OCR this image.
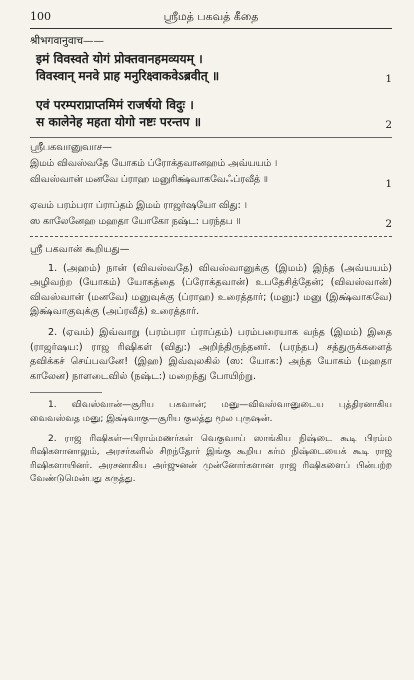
100	ஸ்ரீமத் பகவத் கீதை
श्रीभगवानुवाच——
इमं विवस्वते योगं प्रोक्तवानहमव्ययम् ।
विवस्वान् मनवे प्राह मनुरिक्ष्वाकवेऽब्रवीत् ॥	1
एवं परम्पराप्राप्तमिमं राजर्षयो विदुः ।
स कालेनेह महता योगो नष्टः परन्तप ॥	2
ஸ்ரீபகவானுவாச—
இமம் விவஸ்வதே யோகம் ப்ரோக்தவானஹம் அவ்யயம் ।
விவஸ்வான் மனவே ப்ராஹ மனுரிக்ஷ்வாகவேஃப்ரவீத் ॥	1
ஏவம் பரம்பரா ப்ராப்தம் இமம் ராஜர்ஷயோ விது: ।
ஸ காலேனேஹ மஹதா யோகோ நஷ்ட: பரந்தப ॥	2

ஸ்ரீ பகவான் கூறியது—

1. (அஹம்) நான் (விவஸ்வதே) விவஸ்வானுக்கு (இமம்) இந்த (அவ்யயம்) அழிவற்ற (யோகம்) யோகத்தை (ப்ரோக்தவான்) உபதேசித்தேன்; (விவஸ்வான்) விவஸ்வான் (மனவே) மனுவுக்கு (ப்ராஹ) உரைத்தார்; (மனு:) மனு (இக்ஷ்வாகவே) இக்ஷ்வாகுவுக்கு (அப்ரவீத்) உரைத்தார்.

2. (ஏவம்) இவ்வாறு (பரம்பரா ப்ராப்தம்) பரம்பரையாக வந்த (இமம்) இதை (ராஜர்ஷய:) ராஜ ரிஷிகள் (விது:) அறிந்திருந்தனர். (பரந்தப) சத்துருக்களைத் தவிக்கச் செய்பவனே! (இஹ) இவ்வுலகில் (ஸ: யோக:) அந்த யோகம் (மஹதா காலேன) நாளடைவில் (நஷ்ட:) மறைந்து போயிற்று.

1. விவஸ்வான்—சூரிய பகவான்; மனு—விவஸ்வானுடைய புத்திரனாகிய வைவஸ்வத மனு; இக்ஷ்வாகு—சூரிய குலத்து மூல புருஷன்.

2. ராஜ ரிஷிகள்—பிராம்மணர்கள் வெகுவாய் ஸாங்கிய நிஷ்டை கூடி பிரம்ம ரிஷிகளானாலும், அரசர்களில் சிறந்தோர் இங்கு கூறிய கர்ம நிஷ்டையைக் கூடி ராஜ ரிஷிகளாயினர். அரசனாகிய அர்ஜுனன் முன்னோர்களான ராஜ ரிஷிகளைப் பின்பற்ற வேண்டுமென்பது கருத்து.
